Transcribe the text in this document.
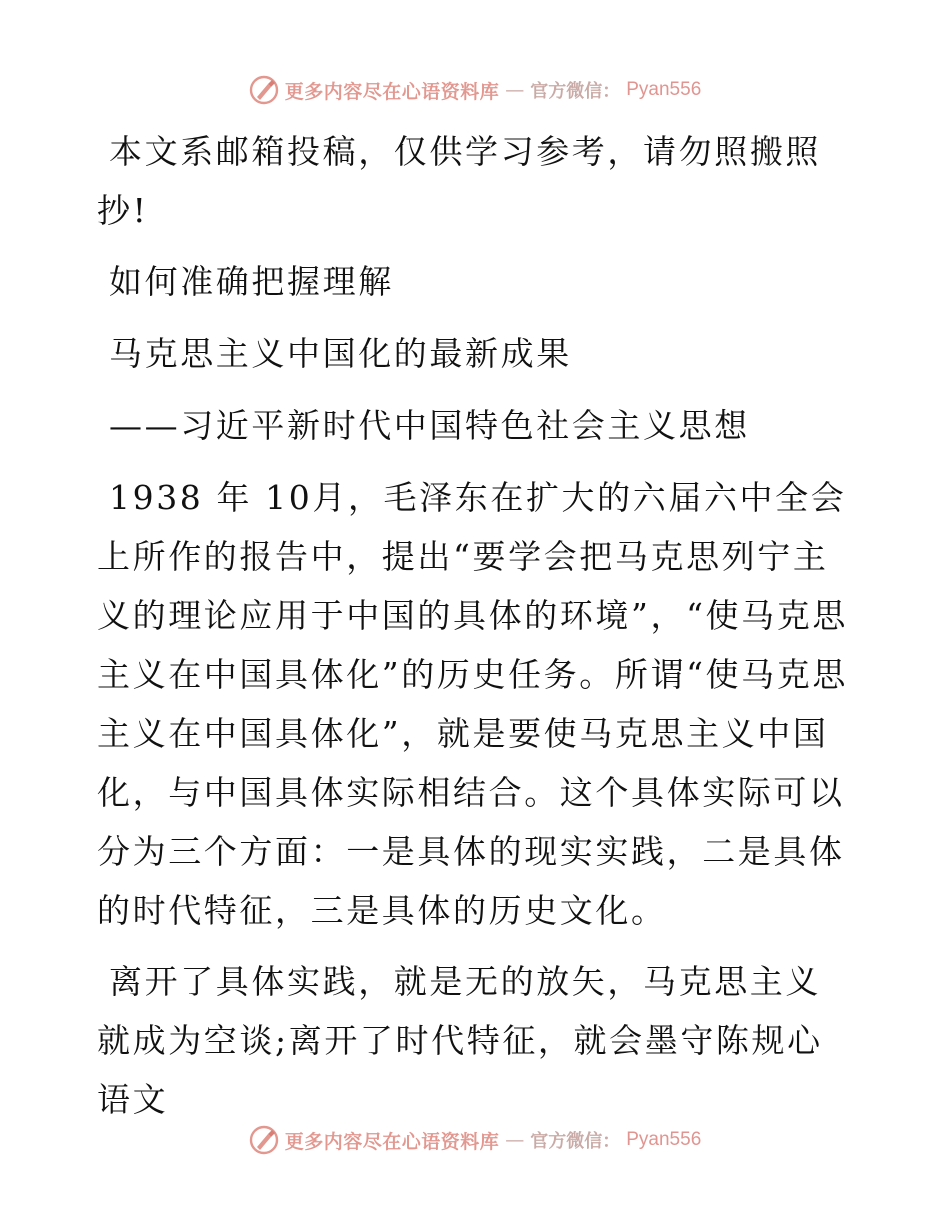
更多内容尽在心语资料库 — 官方微信： Pyan556

本文系邮箱投稿，仅供学习参考，请勿照搬照抄!

如何准确把握理解

马克思主义中国化的最新成果

——习近平新时代中国特色社会主义思想

1938 年 10月，毛泽东在扩大的六届六中全会上所作的报告中，提出“要学会把马克思列宁主义的理论应用于中国的具体的环境”，“使马克思主义在中国具体化”的历史任务。所谓“使马克思主义在中国具体化”，就是要使马克思主义中国化，与中国具体实际相结合。这个具体实际可以分为三个方面：一是具体的现实实践，二是具体的时代特征，三是具体的历史文化。

离开了具体实践，就是无的放矢，马克思主义就成为空谈;离开了时代特征，就会墨守陈规心语文

更多内容尽在心语资料库 — 官方微信： Pyan556
